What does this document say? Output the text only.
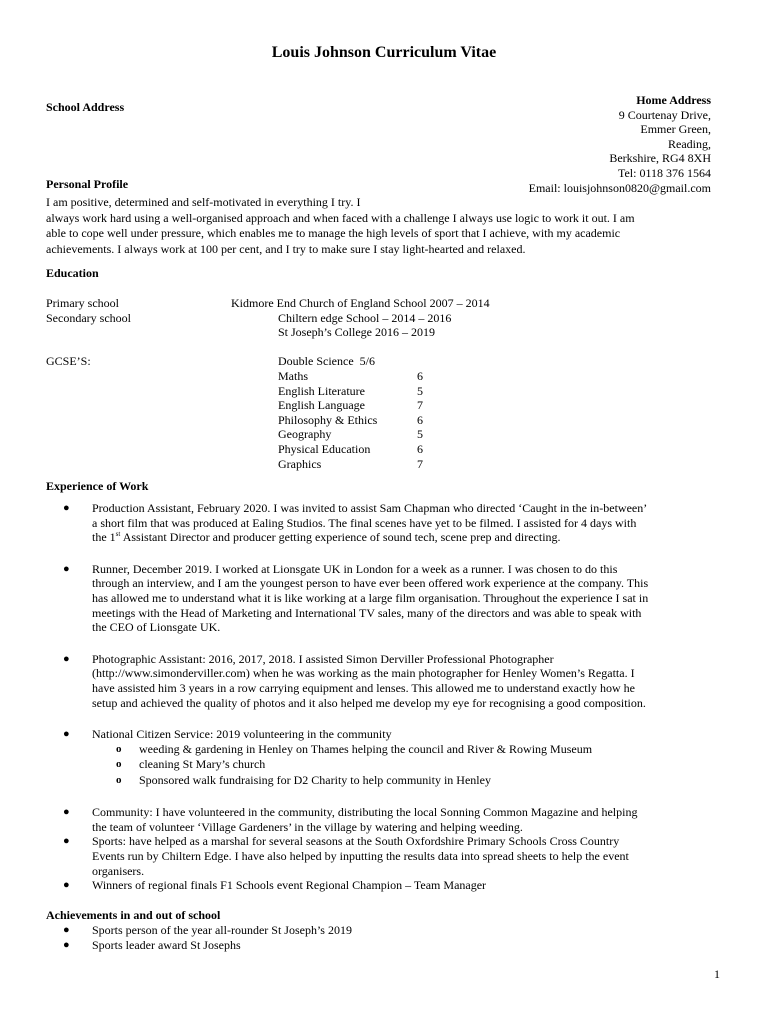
Louis Johnson Curriculum Vitae
School Address	Home Address
9 Courtenay Drive,
Emmer Green,
Reading,
Berkshire, RG4 8XH
Tel: 0118 376 1564
Email: louisjohnson0820@gmail.com
Personal Profile
I am positive, determined and self-motivated in everything I try. I
always work hard using a well-organised approach and when faced with a challenge I always use logic to work it out. I am
able to cope well under pressure, which enables me to manage the high levels of sport that I achieve, with my academic
achievements. I always work at 100 per cent, and I try to make sure I stay light-hearted and relaxed.
Education
Primary school	Kidmore End Church of England School 2007 – 2014
Secondary school	Chiltern edge School – 2014 – 2016
St Joseph’s College 2016 – 2019
GCSE’S:	Double Science  5/6
Maths	6
English Literature	5
English Language	7
Philosophy & Ethics	6
Geography	5
Physical Education	6
Graphics	7
Experience of Work
● Production Assistant, February 2020. I was invited to assist Sam Chapman who directed ‘Caught in the in-between’
a short film that was produced at Ealing Studios. The final scenes have yet to be filmed. I assisted for 4 days with
the 1st Assistant Director and producer getting experience of sound tech, scene prep and directing.
● Runner, December 2019. I worked at Lionsgate UK in London for a week as a runner. I was chosen to do this
through an interview, and I am the youngest person to have ever been offered work experience at the company. This
has allowed me to understand what it is like working at a large film organisation. Throughout the experience I sat in
meetings with the Head of Marketing and International TV sales, many of the directors and was able to speak with
the CEO of Lionsgate UK.
● Photographic Assistant: 2016, 2017, 2018. I assisted Simon Derviller Professional Photographer
(http://www.simonderviller.com) when he was working as the main photographer for Henley Women’s Regatta. I
have assisted him 3 years in a row carrying equipment and lenses. This allowed me to understand exactly how he
setup and achieved the quality of photos and it also helped me develop my eye for recognising a good composition.
● National Citizen Service: 2019 volunteering in the community
o weeding & gardening in Henley on Thames helping the council and River & Rowing Museum
o cleaning St Mary’s church
o Sponsored walk fundraising for D2 Charity to help community in Henley
● Community: I have volunteered in the community, distributing the local Sonning Common Magazine and helping
the team of volunteer ‘Village Gardeners’ in the village by watering and helping weeding.
● Sports: have helped as a marshal for several seasons at the South Oxfordshire Primary Schools Cross Country
Events run by Chiltern Edge. I have also helped by inputting the results data into spread sheets to help the event
organisers.
● Winners of regional finals F1 Schools event Regional Champion – Team Manager
Achievements in and out of school
● Sports person of the year all-rounder St Joseph’s 2019
● Sports leader award St Josephs
1
